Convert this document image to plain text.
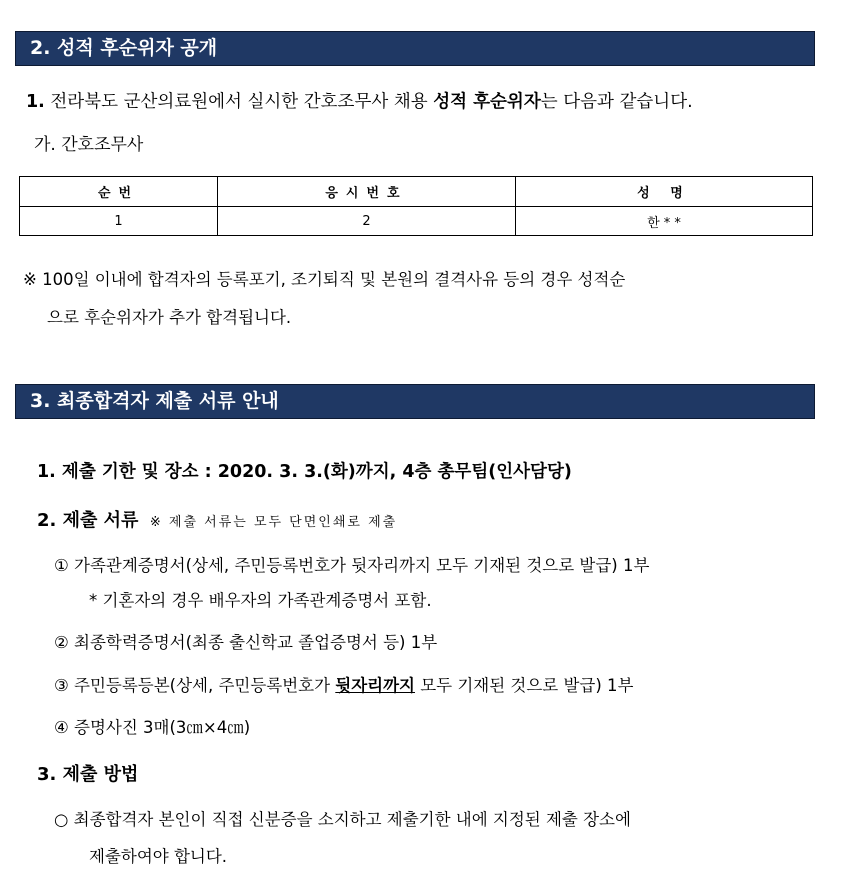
2. 성적 후순위자 공개
1. 전라북도 군산의료원에서 실시한 간호조무사 채용 성적 후순위자는 다음과 같습니다.
가. 간호조무사
순번	응시번호	성 명
1	2	한 * *
※ 100일 이내에 합격자의 등록포기, 조기퇴직 및 본원의 결격사유 등의 경우 성적순
으로 후순위자가 추가 합격됩니다.
3. 최종합격자 제출 서류 안내
1. 제출 기한 및 장소 : 2020. 3. 3.(화)까지, 4층 총무팀(인사담당)
2. 제출 서류 ※ 제출 서류는 모두 단면인쇄로 제출
① 가족관계증명서(상세, 주민등록번호가 뒷자리까지 모두 기재된 것으로 발급) 1부
* 기혼자의 경우 배우자의 가족관계증명서 포함.
② 최종학력증명서(최종 출신학교 졸업증명서 등) 1부
③ 주민등록등본(상세, 주민등록번호가 뒷자리까지 모두 기재된 것으로 발급) 1부
④ 증명사진 3매(3㎝×4㎝)
3. 제출 방법
○ 최종합격자 본인이 직접 신분증을 소지하고 제출기한 내에 지정된 제출 장소에
제출하여야 합니다.
